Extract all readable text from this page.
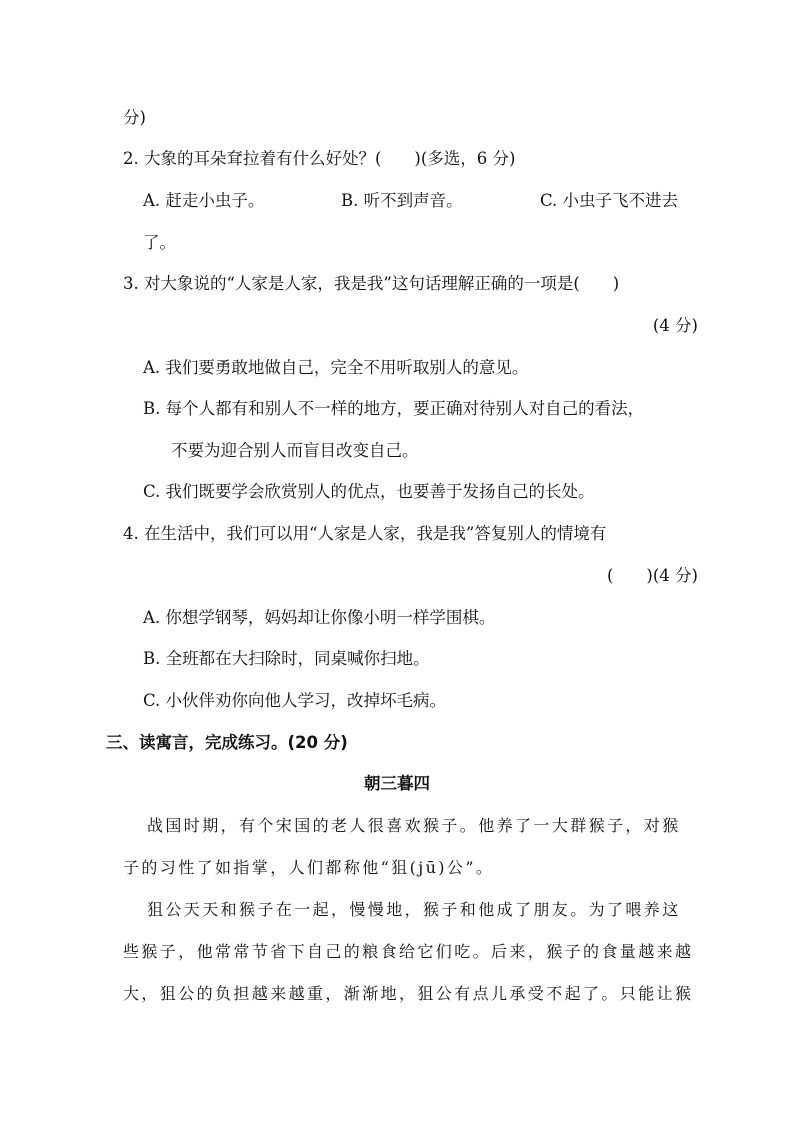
分)
2. 大象的耳朵耷拉着有什么好处？(　　)(多选，6 分)
A. 赶走小虫子。	B. 听不到声音。	C. 小虫子飞不进去
了。
3. 对大象说的“人家是人家，我是我”这句话理解正确的一项是(　　)
(4 分)
A. 我们要勇敢地做自己，完全不用听取别人的意见。
B. 每个人都有和别人不一样的地方，要正确对待别人对自己的看法，
不要为迎合别人而盲目改变自己。
C. 我们既要学会欣赏别人的优点，也要善于发扬自己的长处。
4. 在生活中，我们可以用“人家是人家，我是我”答复别人的情境有
(　　)(4 分)
A. 你想学钢琴，妈妈却让你像小明一样学围棋。
B. 全班都在大扫除时，同桌喊你扫地。
C. 小伙伴劝你向他人学习，改掉坏毛病。
三、读寓言，完成练习。(20 分)
朝三暮四
战国时期，有个宋国的老人很喜欢猴子。他养了一大群猴子，对猴
子的习性了如指掌，人们都称他“狙(jū)公”。
狙公天天和猴子在一起，慢慢地，猴子和他成了朋友。为了喂养这
些猴子，他常常节省下自己的粮食给它们吃。后来，猴子的食量越来越
大，狙公的负担越来越重，渐渐地，狙公有点儿承受不起了。只能让猴
